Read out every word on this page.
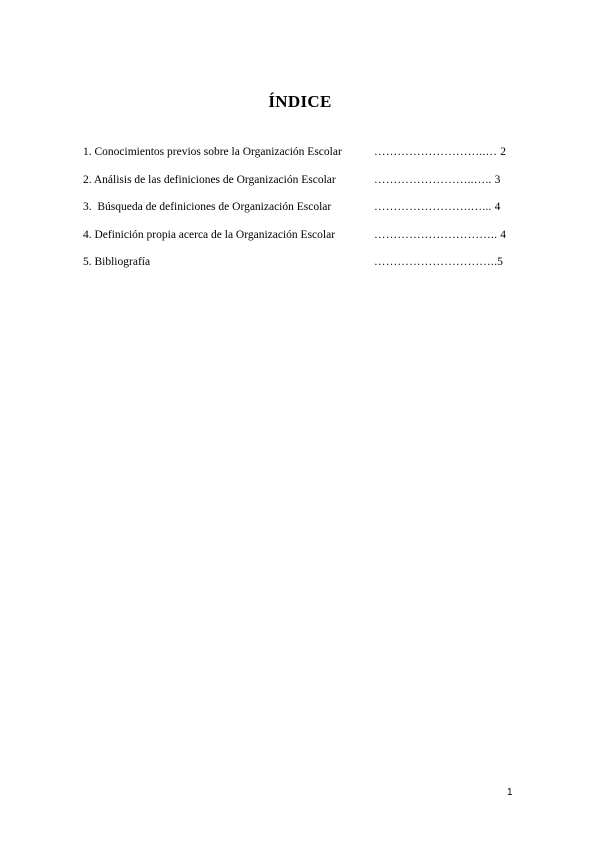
ÍNDICE
1. Conocimientos previos sobre la Organización Escolar	………………………..… 2
2. Análisis de las definiciones de Organización Escolar	……………………..….. 3
3.  Búsqueda de definiciones de Organización Escolar	…………………….…... 4
4. Definición propia acerca de la Organización Escolar	………………………….. 4
5. Bibliografía	…………………………..5
1
